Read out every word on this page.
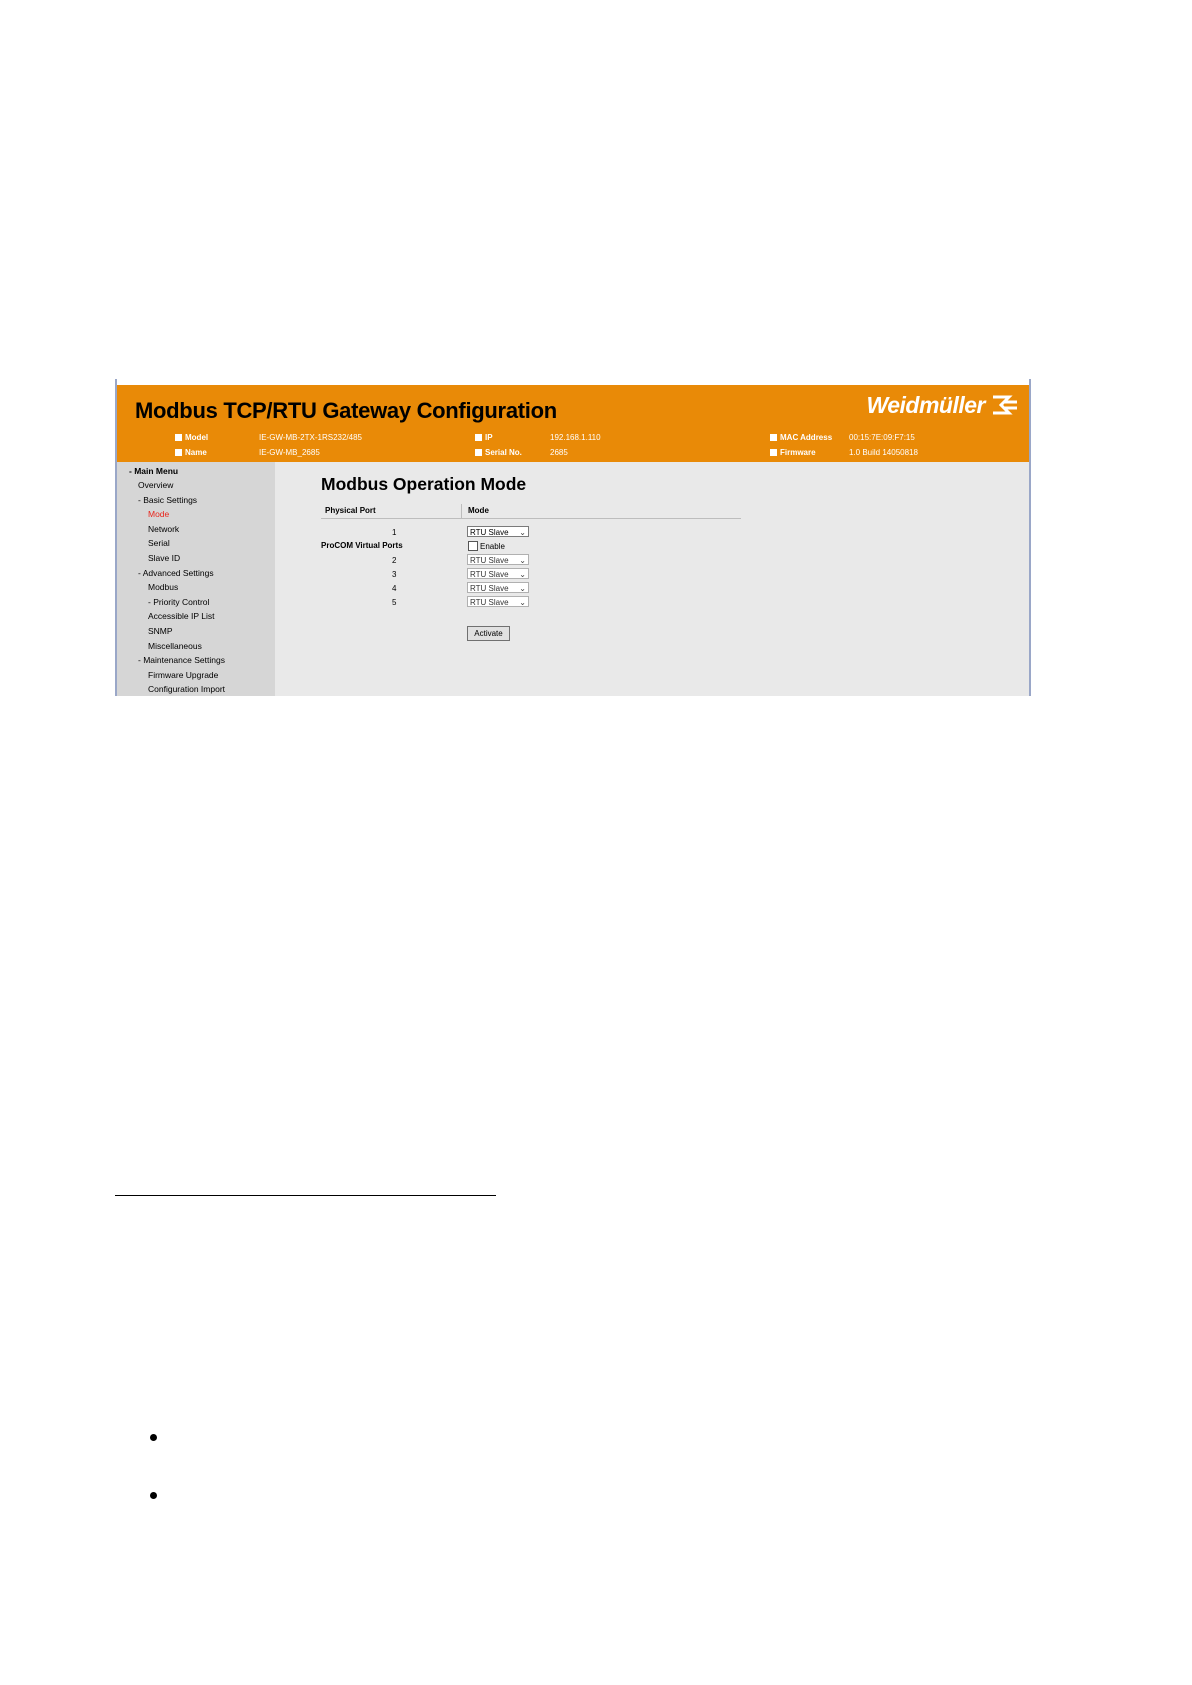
Modbus TCP/RTU Gateway Configuration	Weidmüller
Model	IE-GW-MB-2TX-1RS232/485
Name	IE-GW-MB_2685
IP	192.168.1.110
Serial No.	2685
MAC Address 00:15:7E:09:F7:15
Firmware	1.0 Build 14050818
- Main Menu
Overview
- Basic Settings
Mode
Network
Serial
Slave ID
- Advanced Settings
Modbus
- Priority Control
Accessible IP List
SNMP
Miscellaneous
- Maintenance Settings
Firmware Upgrade
Configuration Import
Modbus Operation Mode
Physical Port	Mode
1	RTU Slave ⌄
ProCOM Virtual Ports	Enable
2	RTU Slave ⌄
3	RTU Slave ⌄
4	RTU Slave ⌄
5	RTU Slave ⌄
Activate
